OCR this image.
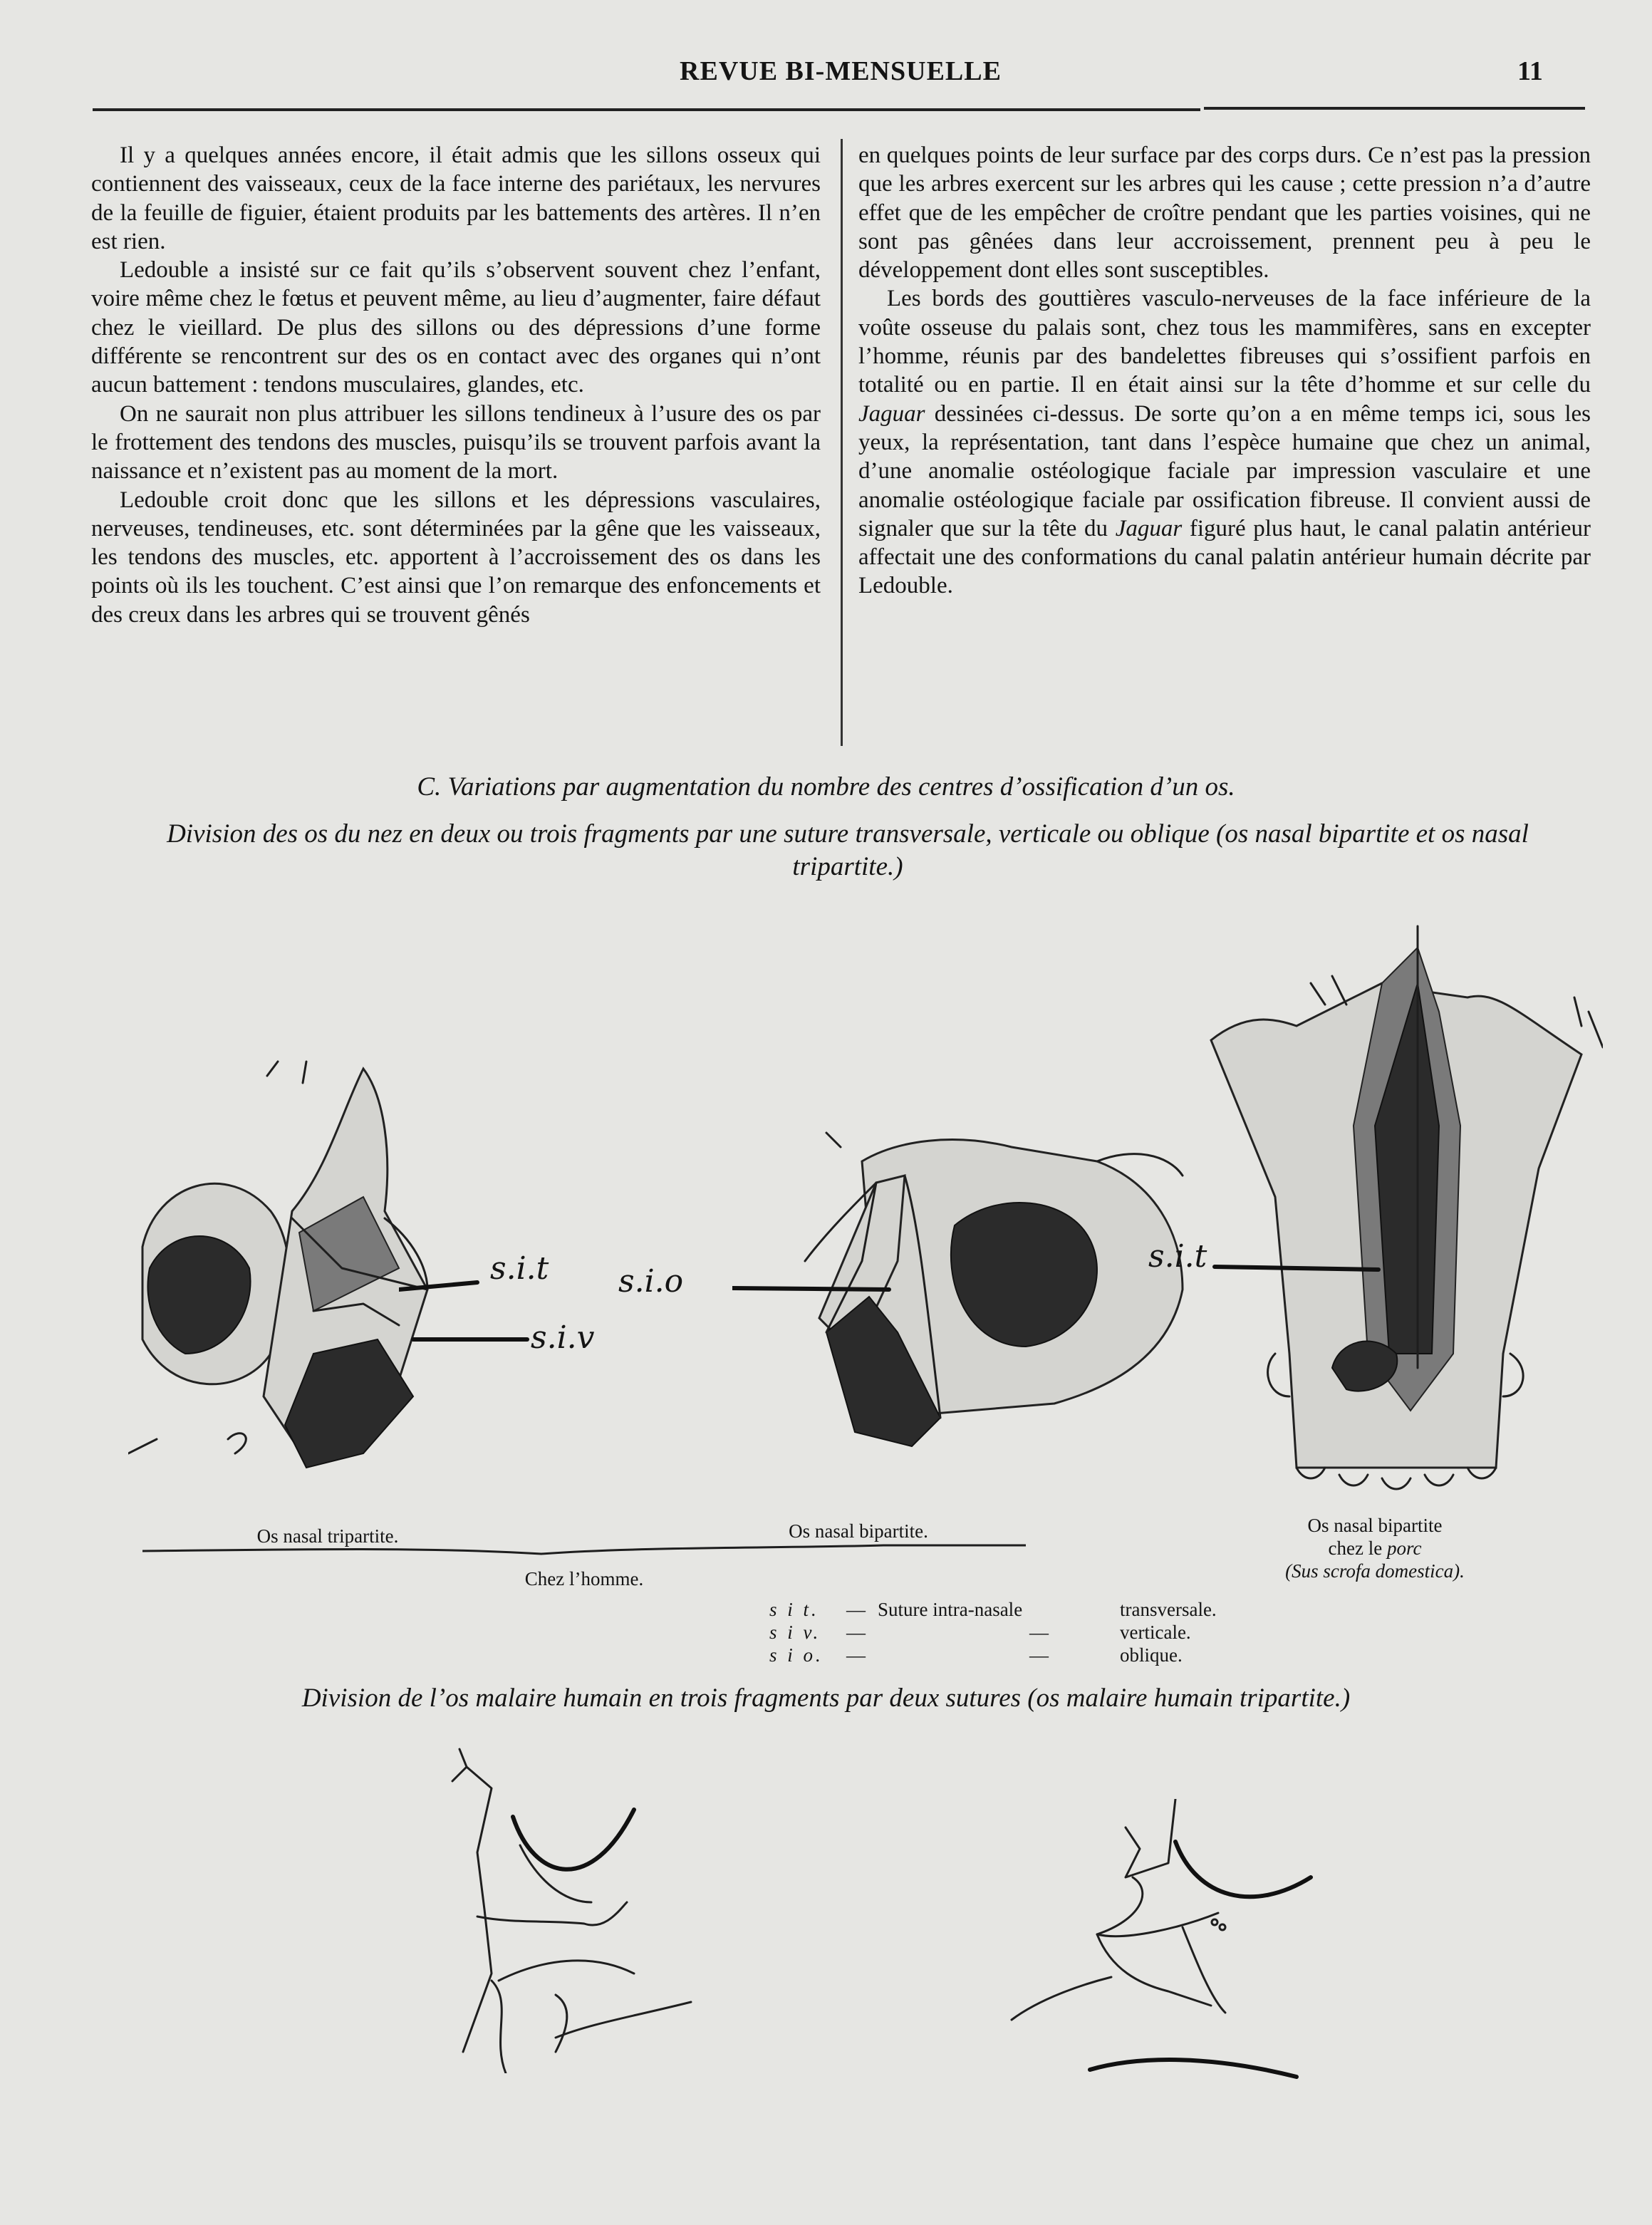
REVUE BI-MENSUELLE	11

Il y a quelques années encore, il était admis que les sillons osseux qui contiennent des vaisseaux, ceux de la face interne des pariétaux, les nervures de la feuille de figuier, étaient produits par les battements des artères. Il n’en est rien.

Ledouble a insisté sur ce fait qu’ils s’observent souvent chez l’enfant, voire même chez le fœtus et peuvent même, au lieu d’augmenter, faire défaut chez le vieillard. De plus des sillons ou des dépressions d’une forme différente se rencontrent sur des os en contact avec des organes qui n’ont aucun battement : tendons musculaires, glandes, etc.

On ne saurait non plus attribuer les sillons tendineux à l’usure des os par le frottement des tendons des muscles, puisqu’ils se trouvent parfois avant la naissance et n’existent pas au moment de la mort.

Ledouble croit donc que les sillons et les dépressions vasculaires, nerveuses, tendineuses, etc. sont déterminées par la gêne que les vaisseaux, les tendons des muscles, etc. apportent à l’accroissement des os dans les points où ils les touchent. C’est ainsi que l’on remarque des enfoncements et des creux dans les arbres qui se trouvent gênés

en quelques points de leur surface par des corps durs. Ce n’est pas la pression que les arbres exercent sur les arbres qui les cause ; cette pression n’a d’autre effet que de les empêcher de croître pendant que les parties voisines, qui ne sont pas gênées dans leur accroissement, prennent peu à peu le développement dont elles sont susceptibles.

Les bords des gouttières vasculo-nerveuses de la face inférieure de la voûte osseuse du palais sont, chez tous les mammifères, sans en excepter l’homme, réunis par des bandelettes fibreuses qui s’ossifient parfois en totalité ou en partie. Il en était ainsi sur la tête d’homme et sur celle du Jaguar dessinées ci-dessus. De sorte qu’on a en même temps ici, sous les yeux, la représentation, tant dans l’espèce humaine que chez un animal, d’une anomalie ostéologique faciale par impression vasculaire et une anomalie ostéologique faciale par ossification fibreuse. Il convient aussi de signaler que sur la tête du Jaguar figuré plus haut, le canal palatin antérieur affectait une des conformations du canal palatin antérieur humain décrite par Ledouble.

C. Variations par augmentation du nombre des centres d’ossification d’un os.
Division des os du nez en deux ou trois fragments par une suture transversale, verticale ou oblique (os nasal bipartite et os nasal tripartite.)
s.i.t
s.i.v
s.i.o
s.i.t
Os nasal tripartite.	Os nasal bipartite.
Chez l’homme.
Os nasal bipartite
chez le porc
(Sus scrofa domestica).
s i t.	— Suture intra-nasale	transversale.
s i v.	—	—	verticale.
s i o.	—	—	oblique.
Division de l’os malaire humain en trois fragments par deux sutures (os malaire humain tripartite.)
